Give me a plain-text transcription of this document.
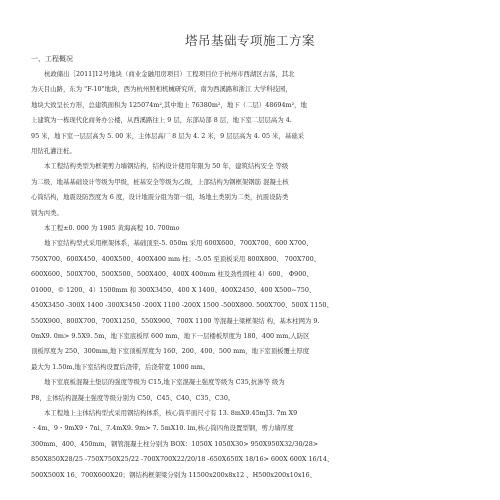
塔吊基础专项施工方案
一、工程概况
杭政储出［2011]12号地块（商业金融用房项目）工程项目位于杭州市西湖区古荡，其北
为天目山路，东为 "F-10"地块，西为杭州照相机械研究所，南为西溪路和浙江 大学科技园，
地块大致呈长方形，总建筑面积为 125074m²,其中地上 76380m²，地下（二层）48694m²，地
上建筑为一栋现代化商务办公楼，从西溪路往上 9 层，东部局部 8 层，地下室二层层高为 4.
95 米，地下室一层层高为 5. 00 米，主体层高厂 8 层为 4. 2 米，9 层层高为 4. 05 米，基础采
用钻孔灌注桩。
本工程结构类型为框架剪力墙钢结构，结构设计使用年限为 50 年，建筑结构安全 等级
为二级，地基基础设计等级为甲级，桩基安全等级为乙级，上部结构为钢框架钢筋 混凝土核
心筒结构，地震设防烈度为 6 度，设计地震分组为第一组，场地土类别为二类，抗震设防类
别为丙类。
本工程±0. 000 为 1985 黄海高程 10. 700mo
地下室结构型式采用框架体系，基础顶至-5. 050m 采用 600X600、700X700、600 X700、
750X700、600X450、400X500、400X400 mm 柱；-5.05 至顶板采用 800X800、 700X700、
600X600、500X700、500X500、500X400、400X 400mm 柱及劲性圆柱 4）600、 Φ900、
01000、© 1200、4）1500mm 和 300X3450、400 X 1400、400X2450、400 X500~750、
450X3450 -300X 1400 -300X3450 -200X 1100 -200X 1500 -500X800. 500X700、500X 1150、
550X900、800X700、700X1250、550X900、700X 1100 等混凝土梁框架结 构，基本柱网为 9.
0mX9. 0m> 9.5X9. 5m，地下室底板厚 600 mm，地下一层楼板厚度为 180、400 mm,人防区
顶板厚度为 250、300mm,地下室顶板厚度为 160、200、400、500 mm，地下室顶板覆土厚度
最大为 1.50m,地下室结构设置后浇带，后浇带宽 1000 mm。
地下室底板混凝土垫层的强度等级为 C15,地下室混凝土强度等级为 C35,抗渗等 级为
P8，主体结构混凝土强度等级分别为 C50、C45、C40、C35、C30。
本工程地上主体结构型式采用钢结构体系，核心筒平面尺寸有 13. 8mX9.45mJ3. 7m X9
・4m、9・9mX9・7ni、7.4mX9. 9m> 7. 5mX10. lm,核心筒四角设置型钢，剪力墙厚度
300mm、400、450mm，钢管混凝土柱分别为 BOX：1050X 1050X30> 950X950X32/30/28>
850X850X28/25 -750X750X25/22 -700X700X22/20/18 -650X650X 18/16> 600X 600X 16/14、
500X500X 16、700X600X20；钢结构框架梁分别为 11500x200x8x12 、H500x200x10x16、
